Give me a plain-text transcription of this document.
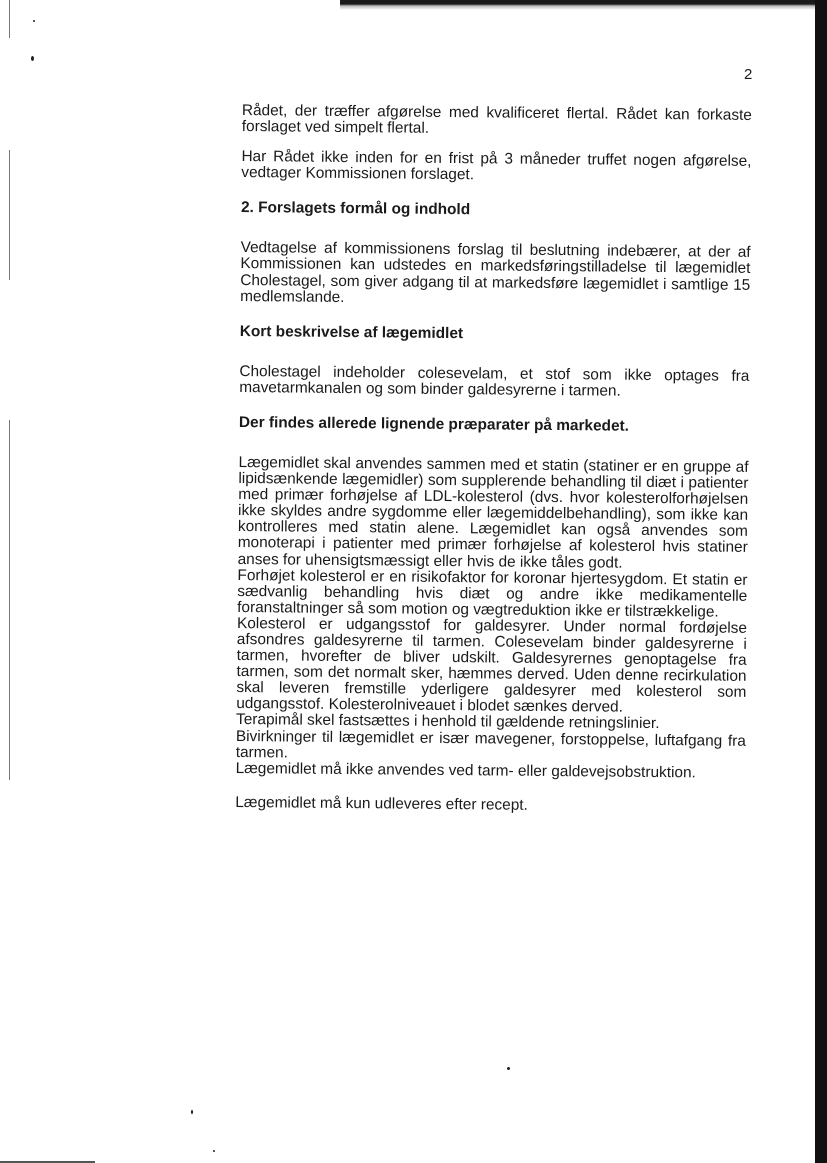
2

Rådet, der træffer afgørelse med kvalificeret flertal. Rådet kan forkaste forslaget ved simpelt flertal.

Har Rådet ikke inden for en frist på 3 måneder truffet nogen afgørelse, vedtager Kommissionen forslaget.

2. Forslagets formål og indhold

Vedtagelse af kommissionens forslag til beslutning indebærer, at der af Kommissionen kan udstedes en markedsføringstilladelse til lægemidlet Cholestagel, som giver adgang til at markedsføre lægemidlet i samtlige 15 medlemslande.

Kort beskrivelse af lægemidlet

Cholestagel indeholder colesevelam, et stof som ikke optages fra mavetarmkanalen og som binder galdesyrerne i tarmen.

Der findes allerede lignende præparater på markedet.

Lægemidlet skal anvendes sammen med et statin (statiner er en gruppe af lipidsænkende lægemidler) som supplerende behandling til diæt i patienter med primær forhøjelse af LDL-kolesterol (dvs. hvor kolesterolforhøjelsen ikke skyldes andre sygdomme eller lægemiddelbehandling), som ikke kan kontrolleres med statin alene. Lægemidlet kan også anvendes som monoterapi i patienter med primær forhøjelse af kolesterol hvis statiner anses for uhensigtsmæssigt eller hvis de ikke tåles godt.

Forhøjet kolesterol er en risikofaktor for koronar hjertesygdom. Et statin er sædvanlig behandling hvis diæt og andre ikke medikamentelle foranstaltninger så som motion og vægtreduktion ikke er tilstrækkelige.

Kolesterol er udgangsstof for galdesyrer. Under normal fordøjelse afsondres galdesyrerne til tarmen. Colesevelam binder galdesyrerne i tarmen, hvorefter de bliver udskilt. Galdesyrernes genoptagelse fra tarmen, som det normalt sker, hæmmes derved. Uden denne recirkulation skal leveren fremstille yderligere galdesyrer med kolesterol som udgangsstof. Kolesterolniveauet i blodet sænkes derved.

Terapimål skel fastsættes i henhold til gældende retningslinier.

Bivirkninger til lægemidlet er især mavegener, forstoppelse, luftafgang fra tarmen.

Lægemidlet må ikke anvendes ved tarm- eller galdevejsobstruktion.

Lægemidlet må kun udleveres efter recept.
